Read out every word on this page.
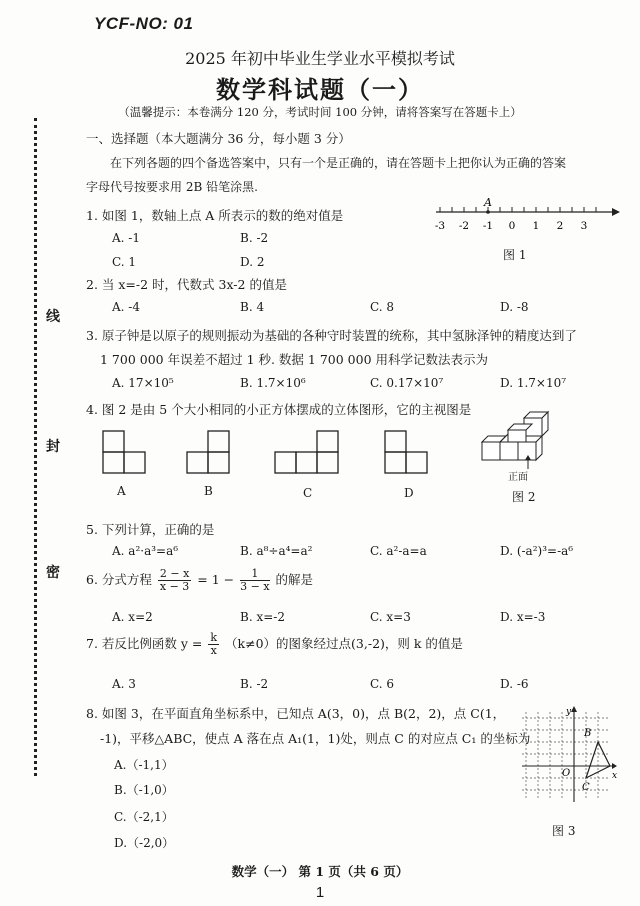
YCF-NO: 01
2025 年初中毕业生学业水平模拟考试
数学科试题（一）
（温馨提示：本卷满分 120 分，考试时间 100 分钟，请将答案写在答题卡上）
线
封
密
一、选择题（本大题满分 36 分，每小题 3 分）
在下列各题的四个备选答案中，只有一个是正确的，请在答题卡上把你认为正确的答案
字母代号按要求用 2B 铅笔涂黑.
1. 如图 1，数轴上点 A 所表示的数的绝对值是
A. -1	B. -2
C. 1	D. 2
A
-3 -2 -1 0 1 2 3
图 1
2. 当 x=-2 时，代数式 3x-2 的值是
A. -4	B. 4	C. 8	D. -8
3. 原子钟是以原子的规则振动为基础的各种守时装置的统称，其中氢脉泽钟的精度达到了
1 700 000 年误差不超过 1 秒. 数据 1 700 000 用科学记数法表示为
A. 17×10⁵	B. 1.7×10⁶	C. 0.17×10⁷	D. 1.7×10⁷
4. 图 2 是由 5 个大小相同的小正方体摆成的立体图形，它的主视图是
A	B	C	D
正面
图 2
5. 下列计算，正确的是
A. a²·a³=a⁶	B. a⁸÷a⁴=a²	C. a²-a=a	D. (-a²)³=-a⁶
6. 分式方程 $\frac{2 - x}{x - 3} = 1 - \frac{1}{3 - x}$ 的解是
A. x=2	B. x=-2	C. x=3	D. x=-3
7. 若反比例函数 $y = \frac{k}{x} (k\ne 0)$的图象经过点(3,-2)，则 k 的值是
A. 3	B. -2	C. 6	D. -6
8. 如图 3，在平面直角坐标系中，已知点 A(3，0)，点 B(2，2)，点 C(1，
-1)，平移△ABC，使点 A 落在点 A₁(1，1)处，则点 C 的对应点 C₁ 的坐标为
A.（-1,1）
B.（-1,0）
C.（-2,1）
D.（-2,0）
y
x
O
B
C
图 3
数学（一） 第 1 页（共 6 页）
1
